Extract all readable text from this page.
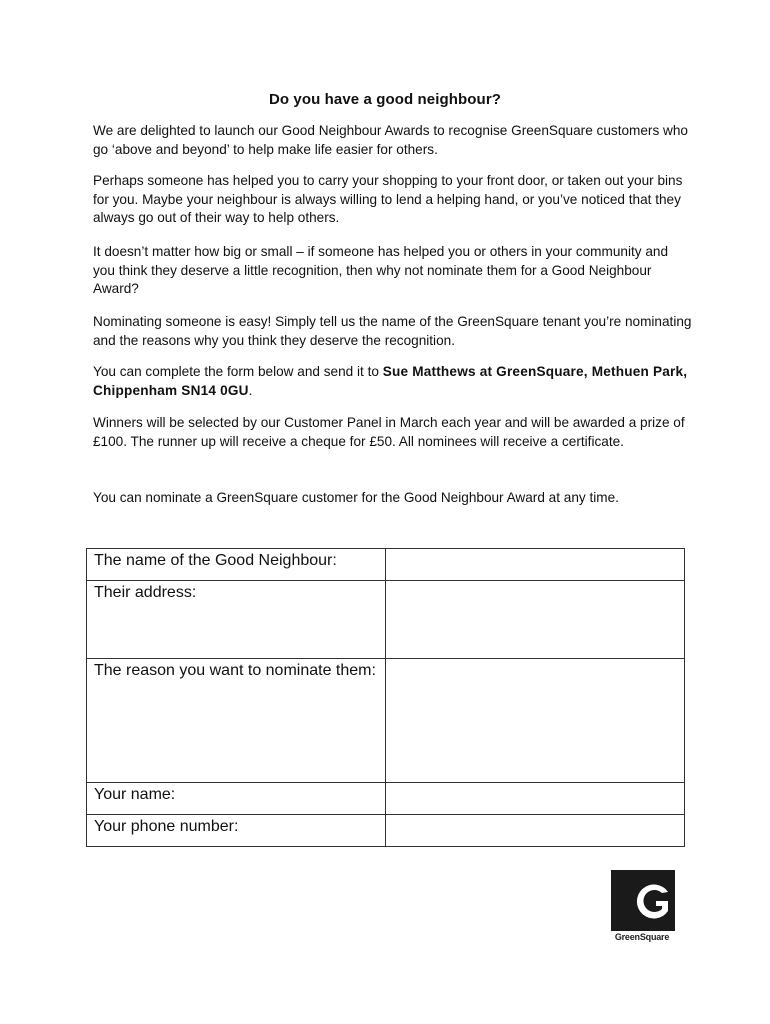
Do you have a good neighbour?

We are delighted to launch our Good Neighbour Awards to recognise GreenSquare customers who go ‘above and beyond’ to help make life easier for others.

Perhaps someone has helped you to carry your shopping to your front door, or taken out your bins for you. Maybe your neighbour is always willing to lend a helping hand, or you’ve noticed that they always go out of their way to help others.

It doesn’t matter how big or small – if someone has helped you or others in your community and you think they deserve a little recognition, then why not nominate them for a Good Neighbour Award?

Nominating someone is easy! Simply tell us the name of the GreenSquare tenant you’re nominating and the reasons why you think they deserve the recognition.

You can complete the form below and send it to Sue Matthews at GreenSquare, Methuen Park, Chippenham SN14 0GU.

Winners will be selected by our Customer Panel in March each year and will be awarded a prize of £100. The runner up will receive a cheque for £50. All nominees will receive a certificate.

You can nominate a GreenSquare customer for the Good Neighbour Award at any time.

The name of the Good Neighbour:	
Their address:	
The reason you want to nominate them:	
Your name:	
Your phone number:	
GreenSquare
